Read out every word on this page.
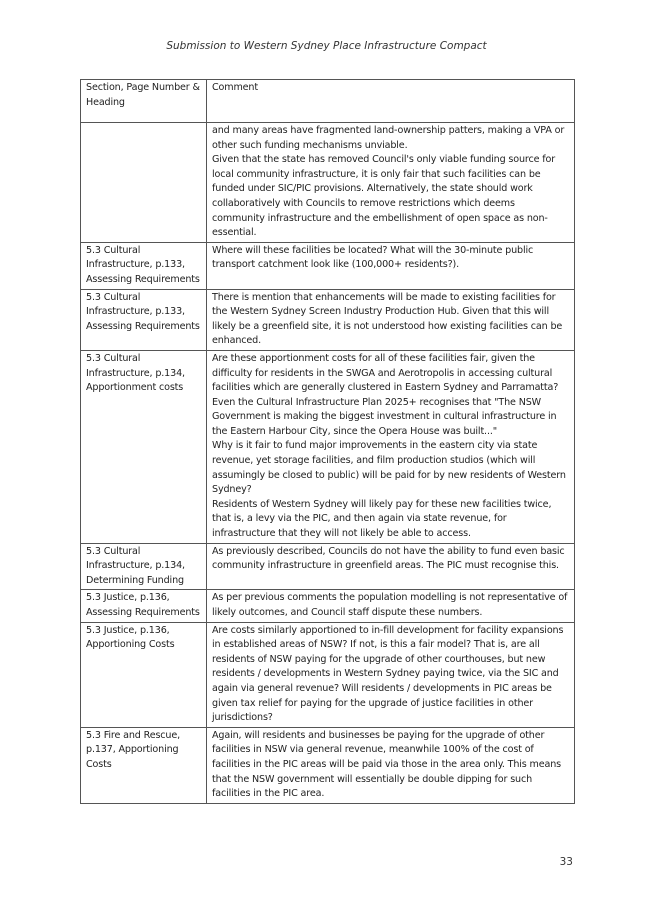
Submission to Western Sydney Place Infrastructure Compact
Section, Page Number & Heading	Comment

	and many areas have fragmented land-ownership patters, making a VPA or other such funding mechanisms unviable.

Given that the state has removed Council's only viable funding source for local community infrastructure, it is only fair that such facilities can be funded under SIC/PIC provisions. Alternatively, the state should work collaboratively with Councils to remove restrictions which deems community infrastructure and the embellishment of open space as non-essential.

5.3 Cultural Infrastructure, p.133, Assessing Requirements	Where will these facilities be located? What will the 30-minute public transport catchment look like (100,000+ residents?).

5.3 Cultural Infrastructure, p.133, Assessing Requirements	There is mention that enhancements will be made to existing facilities for the Western Sydney Screen Industry Production Hub. Given that this will likely be a greenfield site, it is not understood how existing facilities can be enhanced.

5.3 Cultural Infrastructure, p.134, Apportionment costs	Are these apportionment costs for all of these facilities fair, given the difficulty for residents in the SWGA and Aerotropolis in accessing cultural facilities which are generally clustered in Eastern Sydney and Parramatta? Even the Cultural Infrastructure Plan 2025+ recognises that "The NSW Government is making the biggest investment in cultural infrastructure in the Eastern Harbour City, since the Opera House was built..."

Why is it fair to fund major improvements in the eastern city via state revenue, yet storage facilities, and film production studios (which will assumingly be closed to public) will be paid for by new residents of Western Sydney?

Residents of Western Sydney will likely pay for these new facilities twice, that is, a levy via the PIC, and then again via state revenue, for infrastructure that they will not likely be able to access.

5.3 Cultural Infrastructure, p.134, Determining Funding	As previously described, Councils do not have the ability to fund even basic community infrastructure in greenfield areas. The PIC must recognise this.

5.3 Justice, p.136, Assessing Requirements	As per previous comments the population modelling is not representative of likely outcomes, and Council staff dispute these numbers.

5.3 Justice, p.136, Apportioning Costs	Are costs similarly apportioned to in-fill development for facility expansions in established areas of NSW? If not, is this a fair model? That is, are all residents of NSW paying for the upgrade of other courthouses, but new residents / developments in Western Sydney paying twice, via the SIC and again via general revenue? Will residents / developments in PIC areas be given tax relief for paying for the upgrade of justice facilities in other jurisdictions?

5.3 Fire and Rescue, p.137, Apportioning Costs	Again, will residents and businesses be paying for the upgrade of other facilities in NSW via general revenue, meanwhile 100% of the cost of facilities in the PIC areas will be paid via those in the area only. This means that the NSW government will essentially be double dipping for such facilities in the PIC area.

33
